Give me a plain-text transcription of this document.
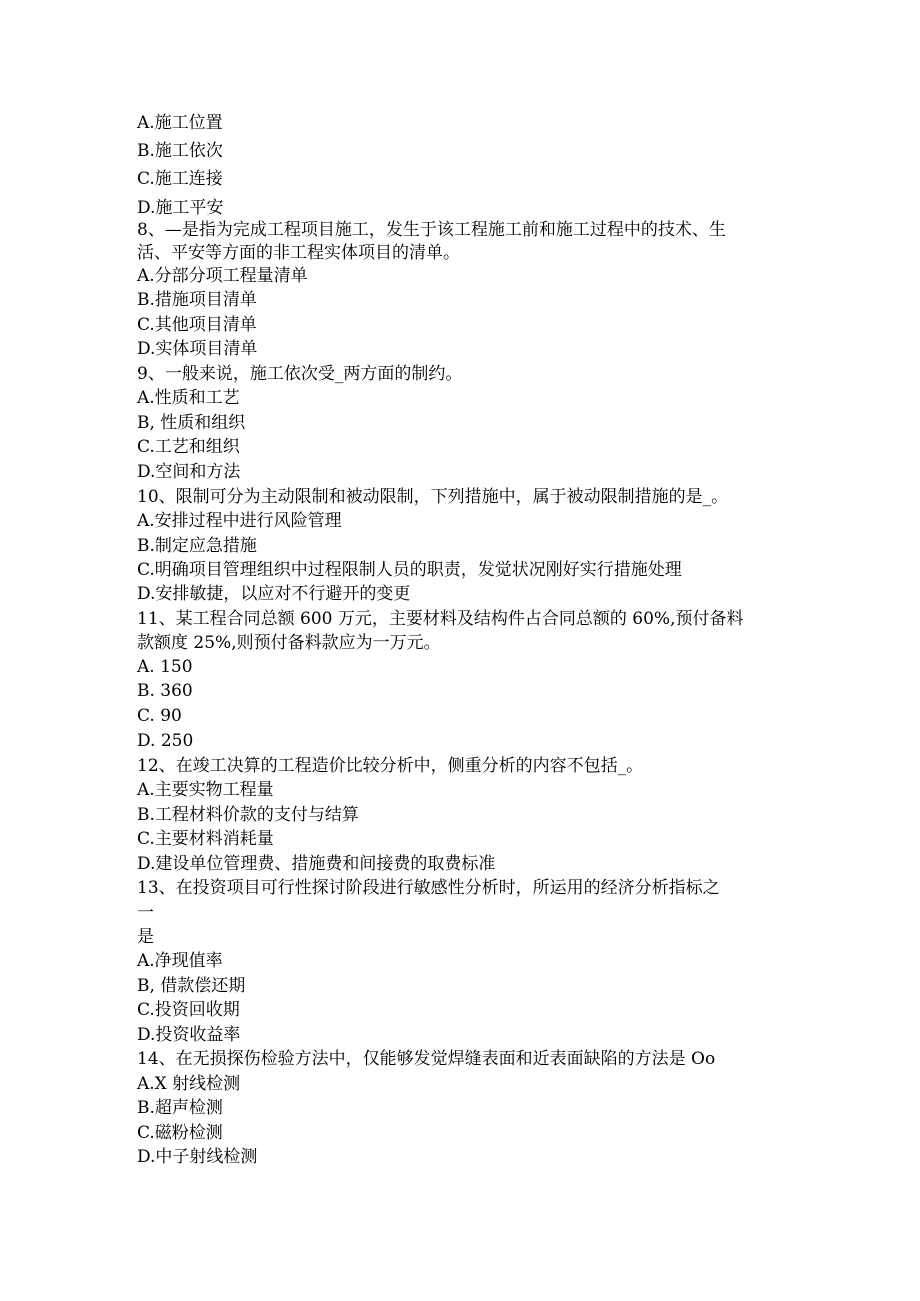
A.施工位置
B.施工依次
C.施工连接
D.施工平安
8、—是指为完成工程项目施工，发生于该工程施工前和施工过程中的技术、生
活、平安等方面的非工程实体项目的清单。
A.分部分项工程量清单
B.措施项目清单
C.其他项目清单
D.实体项目清单
9、一般来说，施工依次受_两方面的制约。
A.性质和工艺
B, 性质和组织
C.工艺和组织
D.空间和方法
10、限制可分为主动限制和被动限制，下列措施中，属于被动限制措施的是_。
A.安排过程中进行风险管理
B.制定应急措施
C.明确项目管理组织中过程限制人员的职责，发觉状况刚好实行措施处理
D.安排敏捷，以应对不行避开的变更
11、某工程合同总额 600 万元，主要材料及结构件占合同总额的 60%,预付备料
款额度 25%,则预付备料款应为一万元。
A. 150
B. 360
C. 90
D. 250
12、在竣工决算的工程造价比较分析中，侧重分析的内容不包括_。
A.主要实物工程量
B.工程材料价款的支付与结算
C.主要材料消耗量
D.建设单位管理费、措施费和间接费的取费标准
13、在投资项目可行性探讨阶段进行敏感性分析时，所运用的经济分析指标之
一
是
A.净现值率
B, 借款偿还期
C.投资回收期
D.投资收益率
14、在无损探伤检验方法中，仅能够发觉焊缝表面和近表面缺陷的方法是 Oo
A.X 射线检测
B.超声检测
C.磁粉检测
D.中子射线检测
